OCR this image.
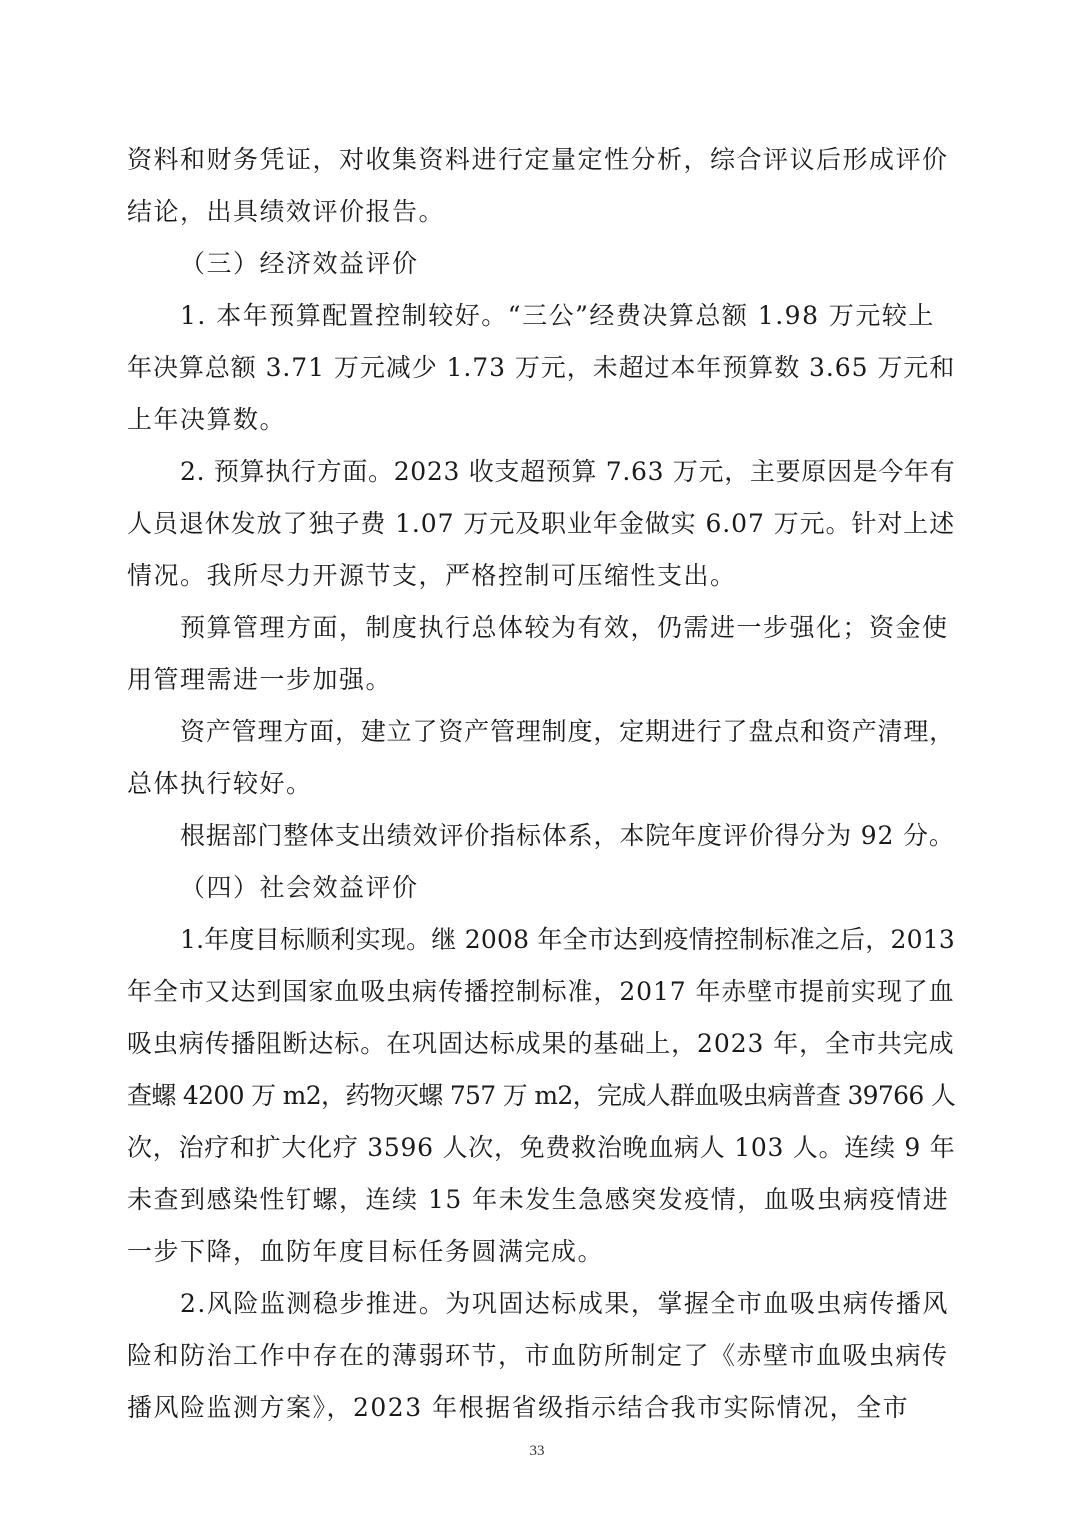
资料和财务凭证，对收集资料进行定量定性分析，综合评议后形成评价
结论，出具绩效评价报告。
（三）经济效益评价
1. 本年预算配置控制较好。“三公”经费决算总额 1.98 万元较上
年决算总额 3.71 万元减少 1.73 万元，未超过本年预算数 3.65 万元和
上年决算数。
2. 预算执行方面。2023 收支超预算 7.63 万元，主要原因是今年有
人员退休发放了独子费 1.07 万元及职业年金做实 6.07 万元。针对上述
情况。我所尽力开源节支，严格控制可压缩性支出。
预算管理方面，制度执行总体较为有效，仍需进一步强化；资金使
用管理需进一步加强。
资产管理方面，建立了资产管理制度，定期进行了盘点和资产清理，
总体执行较好。
根据部门整体支出绩效评价指标体系，本院年度评价得分为 92 分。
（四）社会效益评价
1.年度目标顺利实现。继 2008 年全市达到疫情控制标准之后，2013
年全市又达到国家血吸虫病传播控制标准，2017 年赤壁市提前实现了血
吸虫病传播阻断达标。在巩固达标成果的基础上，2023 年，全市共完成
查螺 4200 万 m2，药物灭螺 757 万 m2，完成人群血吸虫病普查 39766 人
次，治疗和扩大化疗 3596 人次，免费救治晚血病人 103 人。连续 9 年
未查到感染性钉螺，连续 15 年未发生急感突发疫情，血吸虫病疫情进
一步下降，血防年度目标任务圆满完成。
2.风险监测稳步推进。为巩固达标成果，掌握全市血吸虫病传播风
险和防治工作中存在的薄弱环节，市血防所制定了《赤壁市血吸虫病传
播风险监测方案》，2023 年根据省级指示结合我市实际情况，全市
33
